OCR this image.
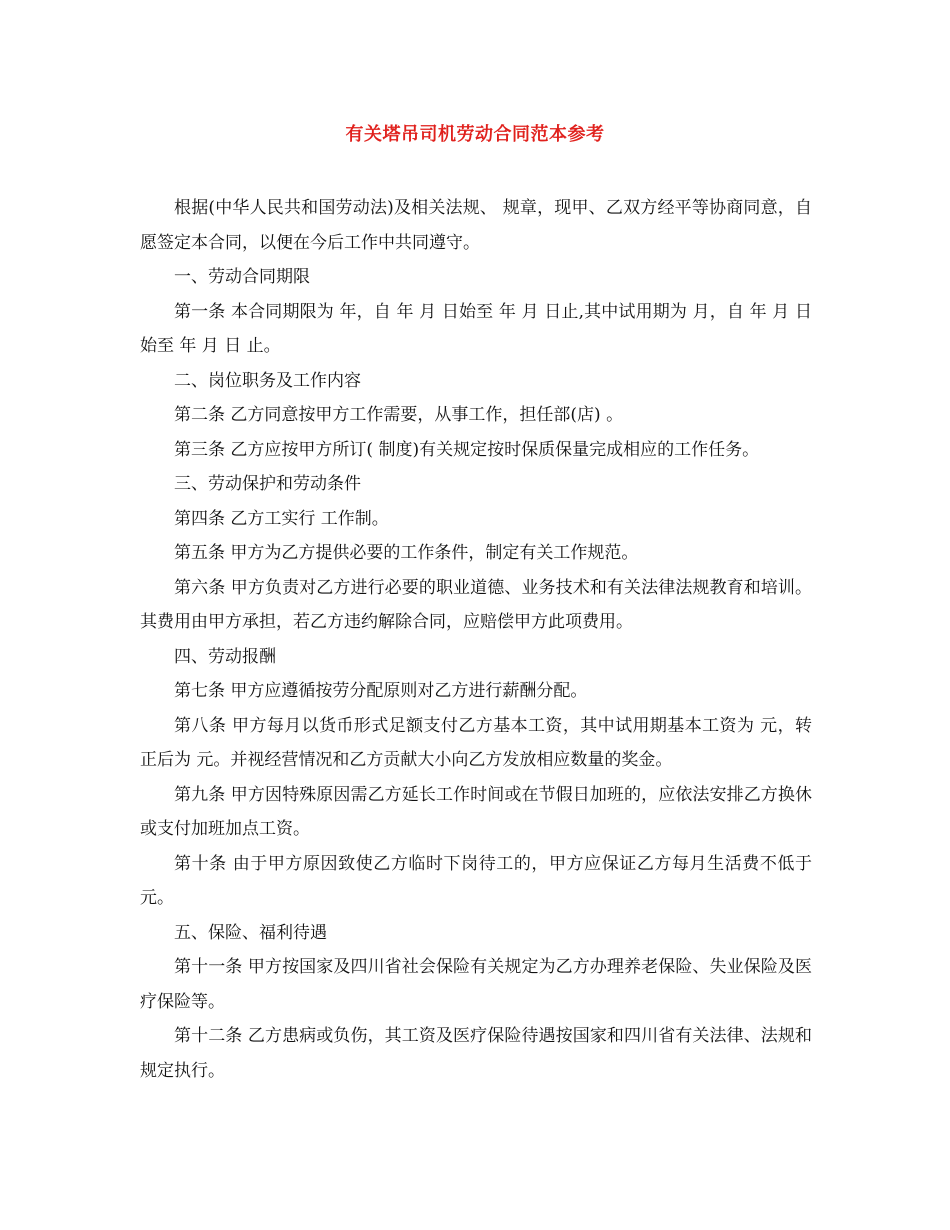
有关塔吊司机劳动合同范本参考

根据(中华人民共和国劳动法)及相关法规、 规章，现甲、乙双方经平等协商同意，自愿签定本合同，以便在今后工作中共同遵守。

一、劳动合同期限

第一条 本合同期限为 年，自 年 月 日始至 年 月 日止,其中试用期为 月，自 年 月 日始至 年 月 日 止。

二、岗位职务及工作内容

第二条 乙方同意按甲方工作需要，从事工作，担任部(店) 。

第三条 乙方应按甲方所订( 制度)有关规定按时保质保量完成相应的工作任务。

三、劳动保护和劳动条件

第四条 乙方工实行 工作制。

第五条 甲方为乙方提供必要的工作条件，制定有关工作规范。

第六条 甲方负责对乙方进行必要的职业道德、业务技术和有关法律法规教育和培训。其费用由甲方承担，若乙方违约解除合同，应赔偿甲方此项费用。

四、劳动报酬

第七条 甲方应遵循按劳分配原则对乙方进行薪酬分配。

第八条 甲方每月以货币形式足额支付乙方基本工资，其中试用期基本工资为 元，转正后为 元。并视经营情况和乙方贡献大小向乙方发放相应数量的奖金。

第九条 甲方因特殊原因需乙方延长工作时间或在节假日加班的，应依法安排乙方换休或支付加班加点工资。

第十条 由于甲方原因致使乙方临时下岗待工的，甲方应保证乙方每月生活费不低于 元。

五、保险、福利待遇

第十一条 甲方按国家及四川省社会保险有关规定为乙方办理养老保险、失业保险及医疗保险等。

第十二条 乙方患病或负伤，其工资及医疗保险待遇按国家和四川省有关法律、法规和规定执行。
